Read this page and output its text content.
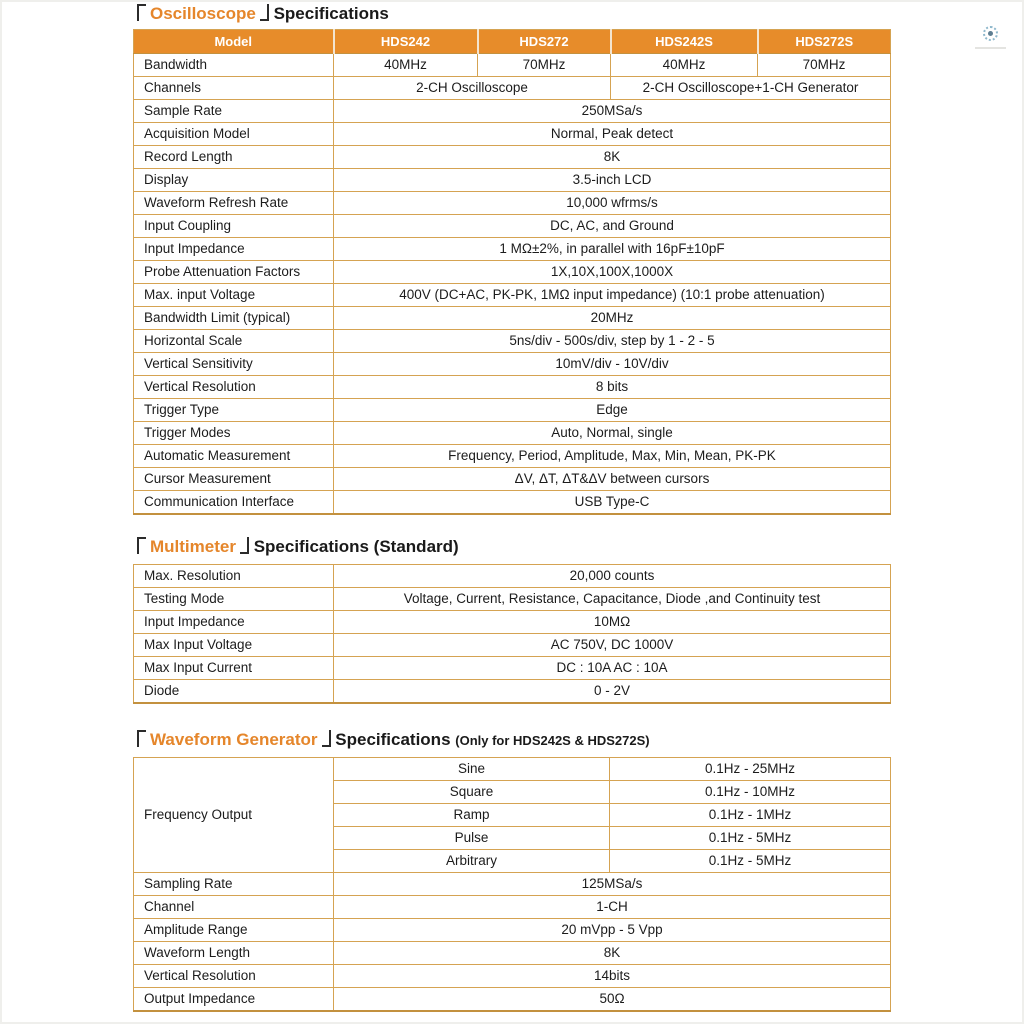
Oscilloscope Specifications
Model	HDS242	HDS272	HDS242S	HDS272S
Bandwidth	40MHz	70MHz	40MHz	70MHz
Channels	2-CH Oscilloscope		2-CH Oscilloscope+1-CH Generator	
Sample Rate	250MSa/s			
Acquisition Model	Normal, Peak detect			
Record Length	8K			
Display	3.5-inch LCD			
Waveform Refresh Rate	10,000 wfrms/s			
Input Coupling	DC, AC, and Ground			
Input Impedance	1 MΩ±2%, in parallel with 16pF±10pF			
Probe Attenuation Factors	1X,10X,100X,1000X			
Max. input Voltage	400V (DC+AC, PK-PK, 1MΩ input impedance) (10:1 probe attenuation)			
Bandwidth Limit (typical)	20MHz			
Horizontal Scale	5ns/div - 500s/div, step by 1 - 2 - 5			
Vertical Sensitivity	10mV/div - 10V/div			
Vertical Resolution	8 bits			
Trigger Type	Edge			
Trigger Modes	Auto, Normal, single			
Automatic Measurement	Frequency, Period, Amplitude, Max, Min, Mean, PK-PK			
Cursor Measurement	ΔV, ΔT, ΔT&ΔV between cursors			
Communication Interface	USB Type-C			
Multimeter Specifications (Standard)
Max. Resolution	20,000 counts
Testing Mode	Voltage, Current, Resistance, Capacitance, Diode ,and Continuity test
Input Impedance	10MΩ
Max Input Voltage	AC 750V, DC 1000V
Max Input Current	DC : 10A AC : 10A
Diode	0 - 2V
Waveform Generator Specifications (Only for HDS242S & HDS272S)
Frequency Output	Sine	0.1Hz - 25MHz
	Square	0.1Hz - 10MHz
	Ramp	0.1Hz - 1MHz
	Pulse	0.1Hz - 5MHz
	Arbitrary	0.1Hz - 5MHz
Sampling Rate	125MSa/s	
Channel	1-CH	
Amplitude Range	20 mVpp - 5 Vpp	
Waveform Length	8K	
Vertical Resolution	14bits	
Output Impedance	50Ω	
